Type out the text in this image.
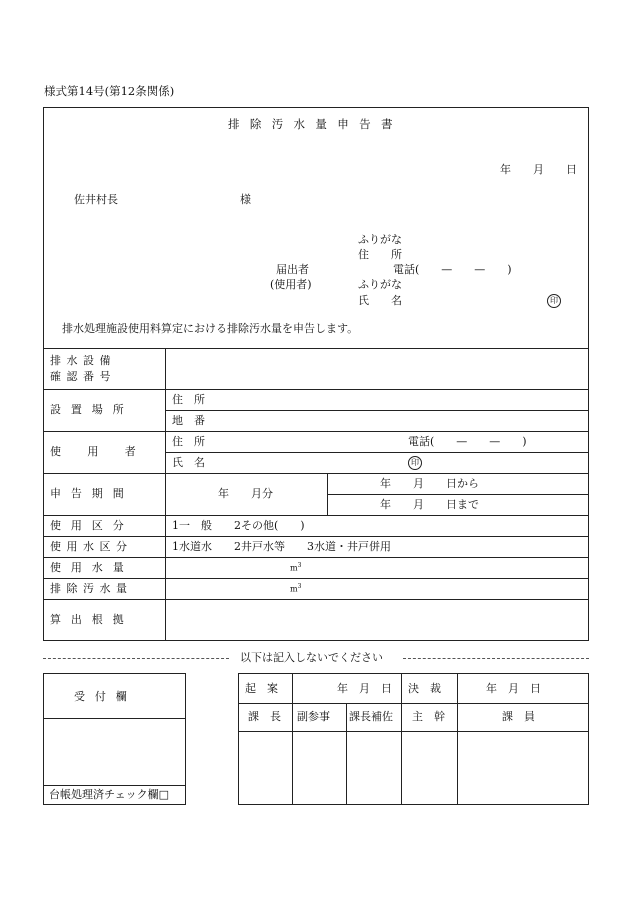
様式第14号(第12条関係)
排除汚水量申告書
年　　月　　日
佐井村長	様
ふりがな
住　　所
届出者	電話(　　—　　—　　)
(使用者)	ふりがな
氏　　名	印
排水処理施設使用料算定における排除汚水量を申告します。
排水設備
確認番号
設置場所
住　所
地　番
使用者
住　所	電話(　　—　　—　　)
氏　名	印
申告期間	年　　月分
年　　月　　日から
年　　月　　日まで
使用区分	1一　般　　2その他(　　)
使用水区分	1水道水　　2井戸水等　　3水道・井戸併用
使用水量	$m^3$
排除汚水量	$m^3$
算出根拠
以下は記入しないでください
受付欄
台帳処理済チェック欄□
起　案	年　月　日 決　裁	年　月　日
課　長 副参事 課長補佐 主　幹	課　員
